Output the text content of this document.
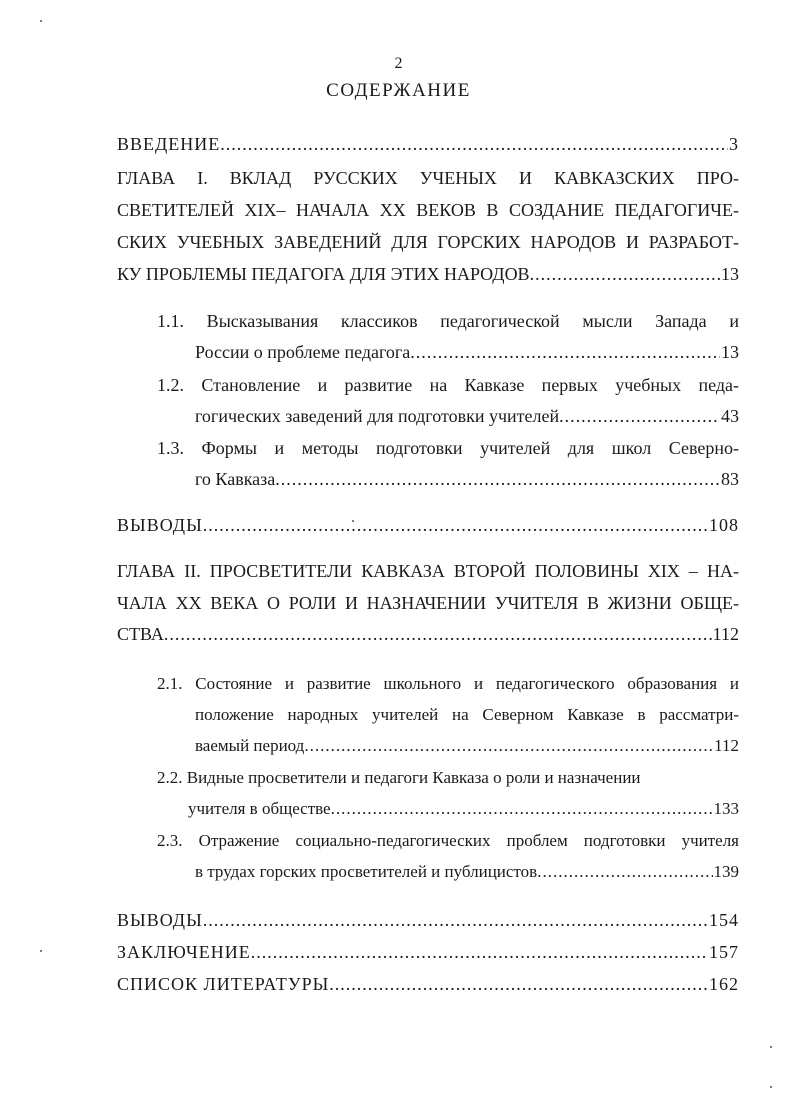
2
СОДЕРЖАНИЕ
ВВЕДЕНИЕ .....	3
ГЛАВА I. ВКЛАД РУССКИХ УЧЕНЫХ И КАВКАЗСКИХ ПРО-
СВЕТИТЕЛЕЙ XIX– НАЧАЛА XX ВЕКОВ В СОЗДАНИЕ ПЕДАГОГИЧЕ-
СКИХ УЧЕБНЫХ ЗАВЕДЕНИЙ ДЛЯ ГОРСКИХ НАРОДОВ И РАЗРАБОТ-
КУ ПРОБЛЕМЫ ПЕДАГОГА ДЛЯ ЭТИХ НАРОДОВ .....	13
1.1. Высказывания классиков педагогической мысли Запада и
России о проблеме педагога .....	13
1.2. Становление и развитие на Кавказе первых учебных педа-
гогических заведений для подготовки учителей .....	43
1.3. Формы и методы подготовки учителей для школ Северно-
го Кавказа .....	83
ВЫВОДЫ .....	108
ГЛАВА II. ПРОСВЕТИТЕЛИ КАВКАЗА ВТОРОЙ ПОЛОВИНЫ XIX – НА-
ЧАЛА XX ВЕКА О РОЛИ И НАЗНАЧЕНИИ УЧИТЕЛЯ В ЖИЗНИ ОБЩЕ-
СТВА .....	112
2.1. Состояние и развитие школьного и педагогического образования и
положение народных учителей на Северном Кавказе в рассматри-
ваемый период .....	112
2.2. Видные просветители и педагоги Кавказа о роли и назначении
учителя в обществе .....	133
2.3. Отражение социально-педагогических проблем подготовки учителя
в трудах горских просветителей и публицистов .....	139
ВЫВОДЫ .....	154
ЗАКЛЮЧЕНИЕ .....	157
СПИСОК ЛИТЕРАТУРЫ .....	162
